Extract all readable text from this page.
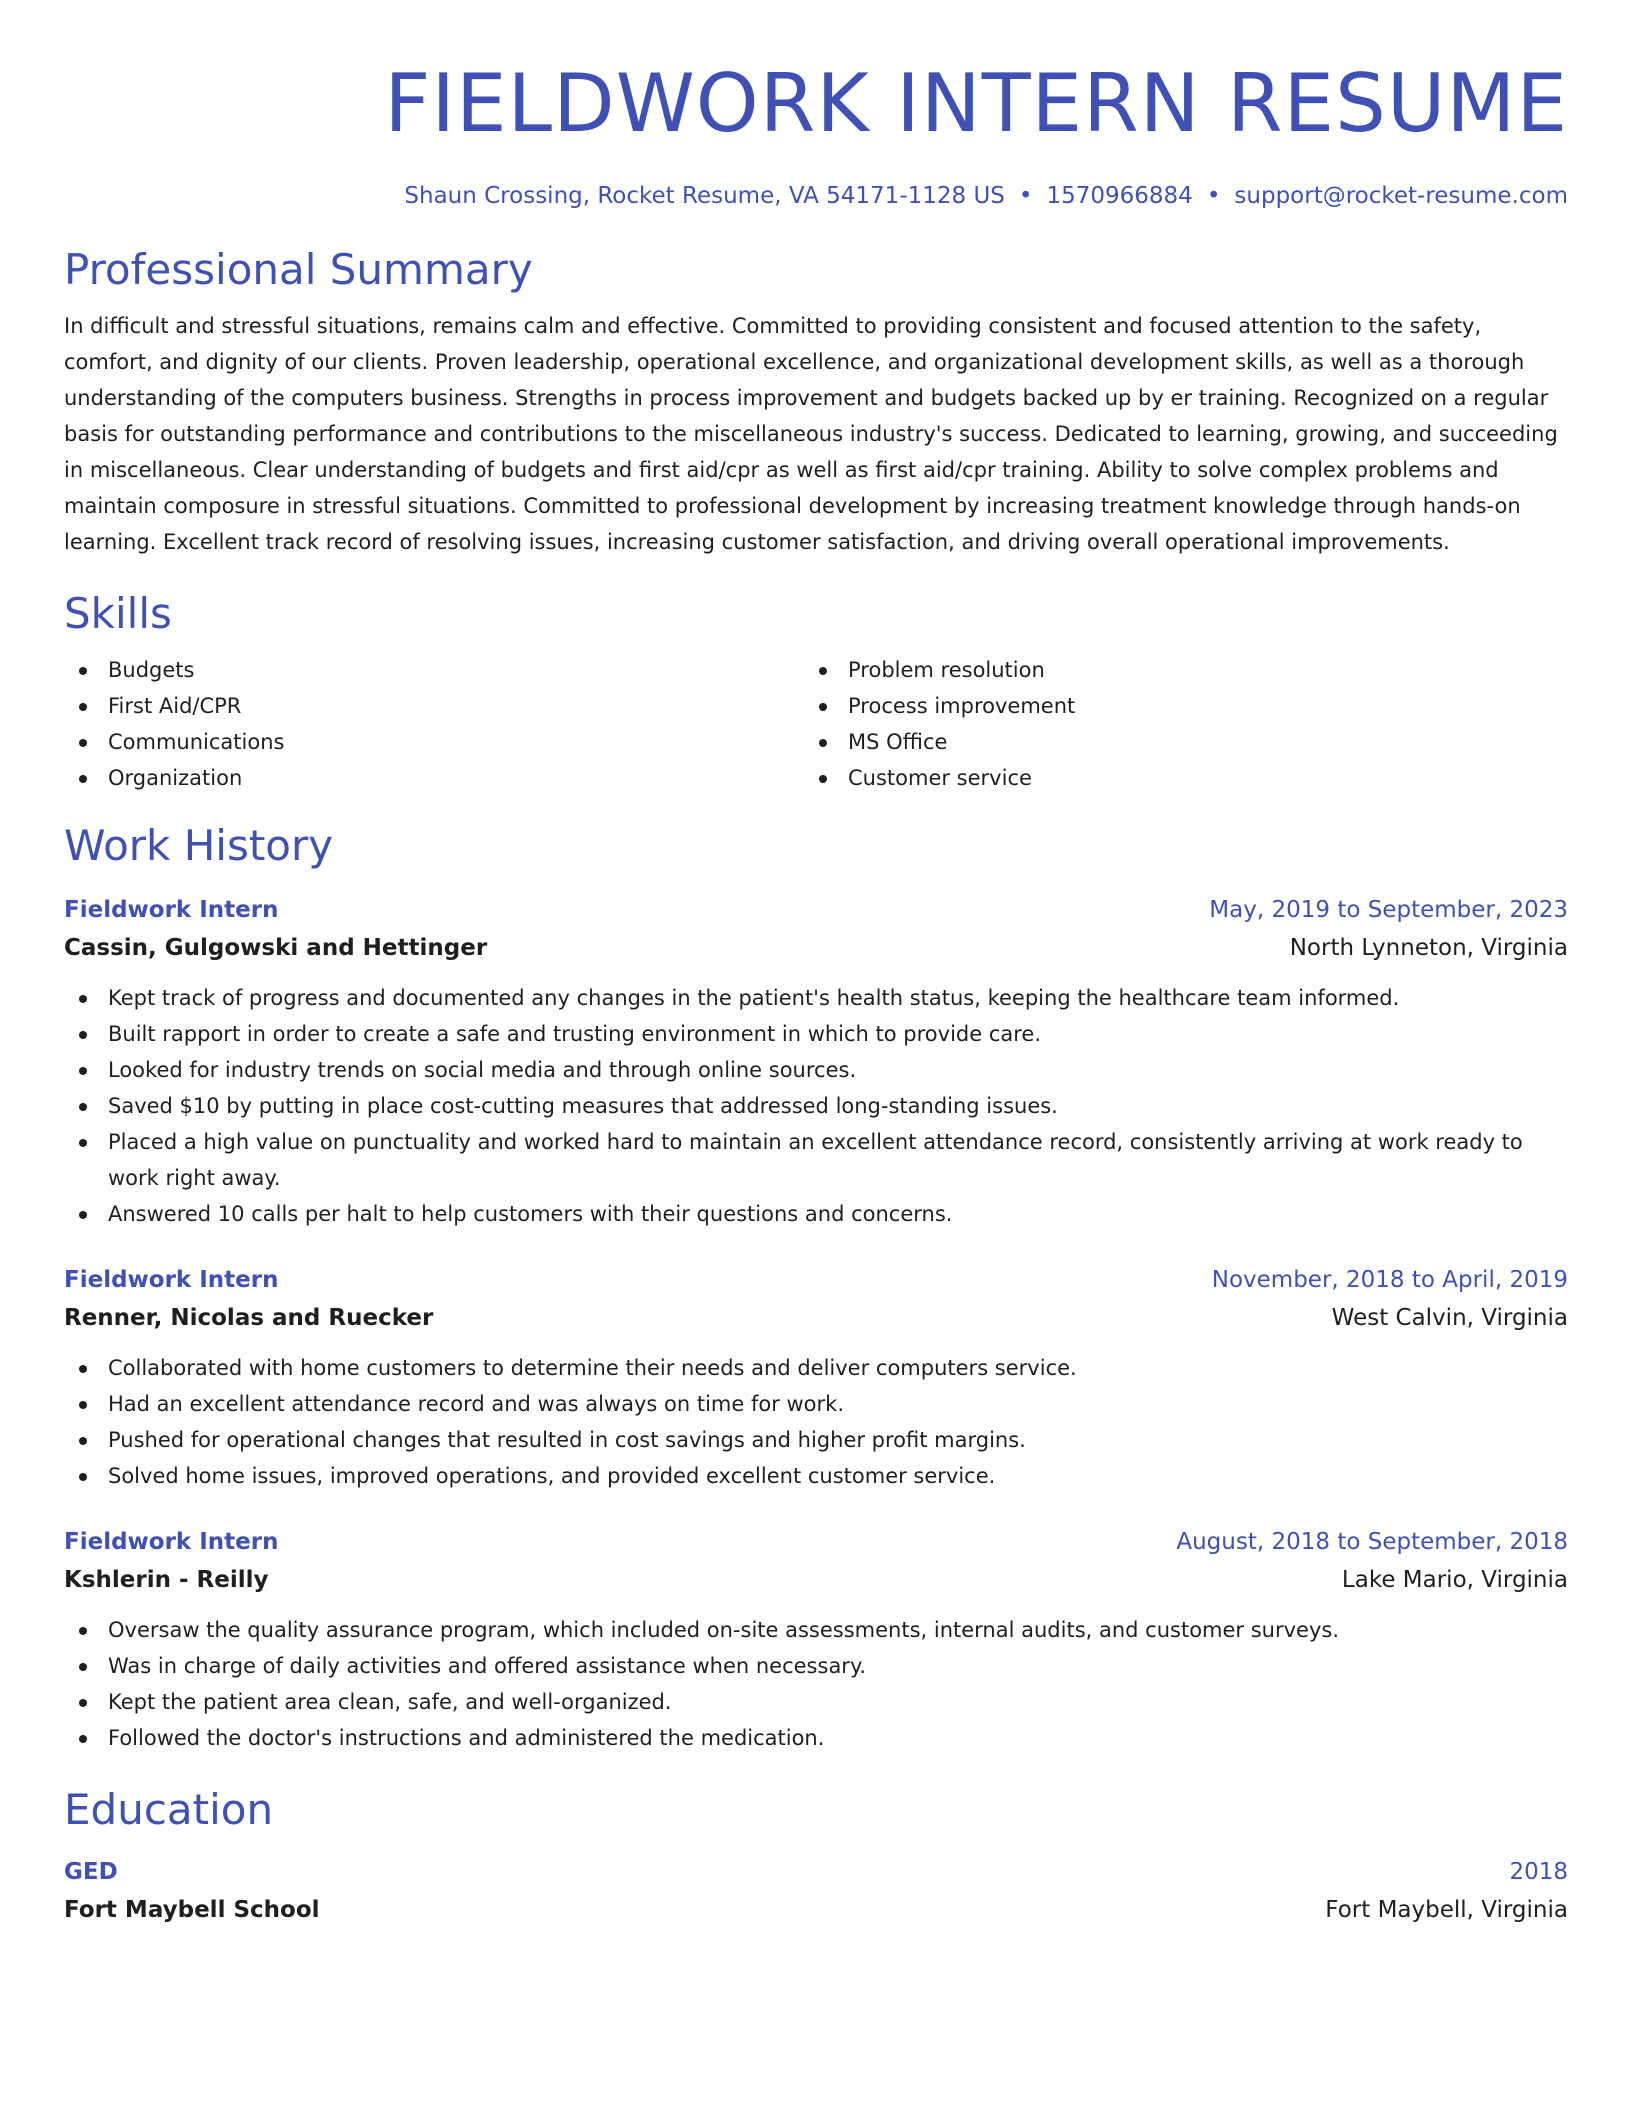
FIELDWORK INTERN RESUME
Shaun Crossing, Rocket Resume, VA 54171-1128 US • 1570966884 • support@rocket-resume.com
Professional Summary
In difficult and stressful situations, remains calm and effective. Committed to providing consistent and focused attention to the safety, comfort, and dignity of our clients. Proven leadership, operational excellence, and organizational development skills, as well as a thorough understanding of the computers business. Strengths in process improvement and budgets backed up by er training. Recognized on a regular basis for outstanding performance and contributions to the miscellaneous industry's success. Dedicated to learning, growing, and succeeding in miscellaneous. Clear understanding of budgets and first aid/cpr as well as first aid/cpr training. Ability to solve complex problems and maintain composure in stressful situations. Committed to professional development by increasing treatment knowledge through hands-on learning. Excellent track record of resolving issues, increasing customer satisfaction, and driving overall operational improvements.
Skills
Budgets
First Aid/CPR
Communications
Organization
Problem resolution
Process improvement
MS Office
Customer service
Work History
Fieldwork Intern	May, 2019 to September, 2023
Cassin, Gulgowski and Hettinger	North Lynneton, Virginia
Kept track of progress and documented any changes in the patient's health status, keeping the healthcare team informed.
Built rapport in order to create a safe and trusting environment in which to provide care.
Looked for industry trends on social media and through online sources.
Saved $10 by putting in place cost-cutting measures that addressed long-standing issues.
Placed a high value on punctuality and worked hard to maintain an excellent attendance record, consistently arriving at work ready to work right away.
Answered 10 calls per halt to help customers with their questions and concerns.
Fieldwork Intern	November, 2018 to April, 2019
Renner, Nicolas and Ruecker	West Calvin, Virginia
Collaborated with home customers to determine their needs and deliver computers service.
Had an excellent attendance record and was always on time for work.
Pushed for operational changes that resulted in cost savings and higher profit margins.
Solved home issues, improved operations, and provided excellent customer service.
Fieldwork Intern	August, 2018 to September, 2018
Kshlerin - Reilly	Lake Mario, Virginia
Oversaw the quality assurance program, which included on-site assessments, internal audits, and customer surveys.
Was in charge of daily activities and offered assistance when necessary.
Kept the patient area clean, safe, and well-organized.
Followed the doctor's instructions and administered the medication.
Education
GED	2018
Fort Maybell School	Fort Maybell, Virginia
